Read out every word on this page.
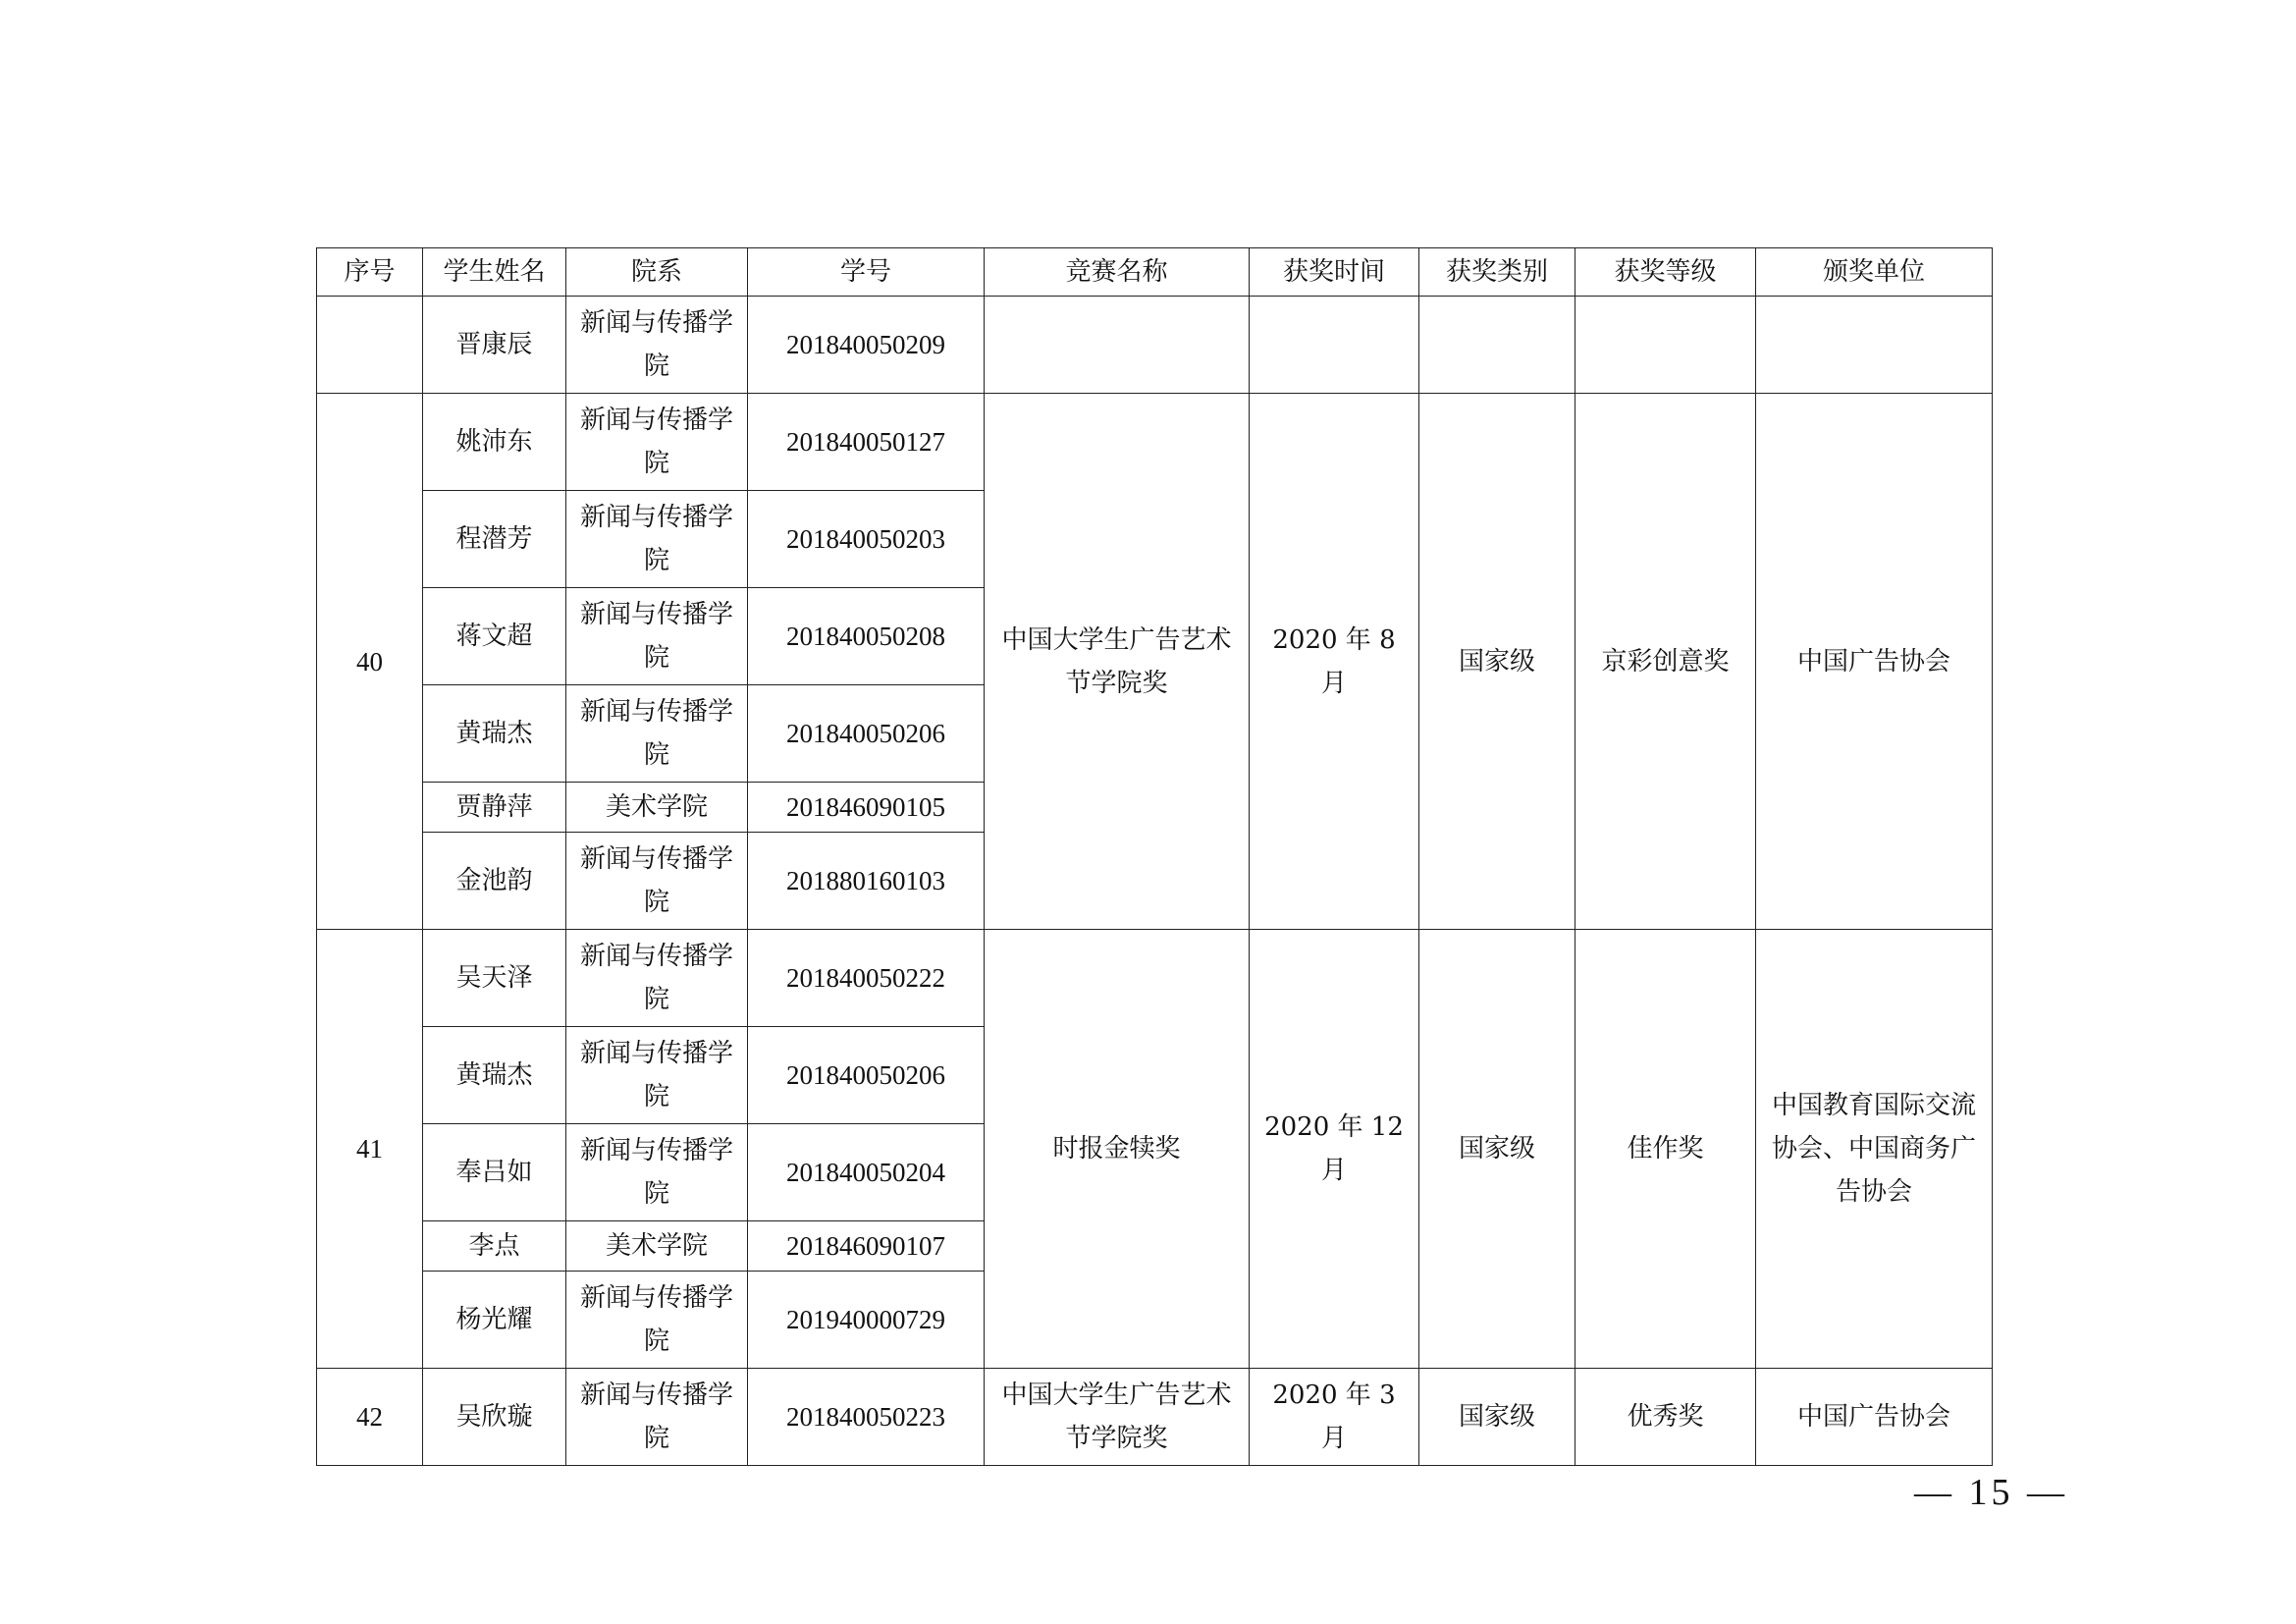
序号	学生姓名	院系	学号	竞赛名称	获奖时间	获奖类别	获奖等级	颁奖单位
	晋康辰	新闻与传播学院	201840050209					
40	姚沛东	新闻与传播学院	201840050127	中国大学生广告艺术节学院奖	2020 年 8 月	国家级	京彩创意奖	中国广告协会
	程潜芳	新闻与传播学院	201840050203					
	蒋文超	新闻与传播学院	201840050208					
	黄瑞杰	新闻与传播学院	201840050206					
	贾静萍	美术学院	201846090105					
	金池韵	新闻与传播学院	201880160103					
41	吴天泽	新闻与传播学院	201840050222	时报金犊奖	2020 年 12 月	国家级	佳作奖	中国教育国际交流协会、中国商务广告协会
	黄瑞杰	新闻与传播学院	201840050206					
	奉吕如	新闻与传播学院	201840050204					
	李点	美术学院	201846090107					
	杨光耀	新闻与传播学院	201940000729					
42	吴欣璇	新闻与传播学院	201840050223	中国大学生广告艺术节学院奖	2020 年 3 月	国家级	优秀奖	中国广告协会
— 15 —
